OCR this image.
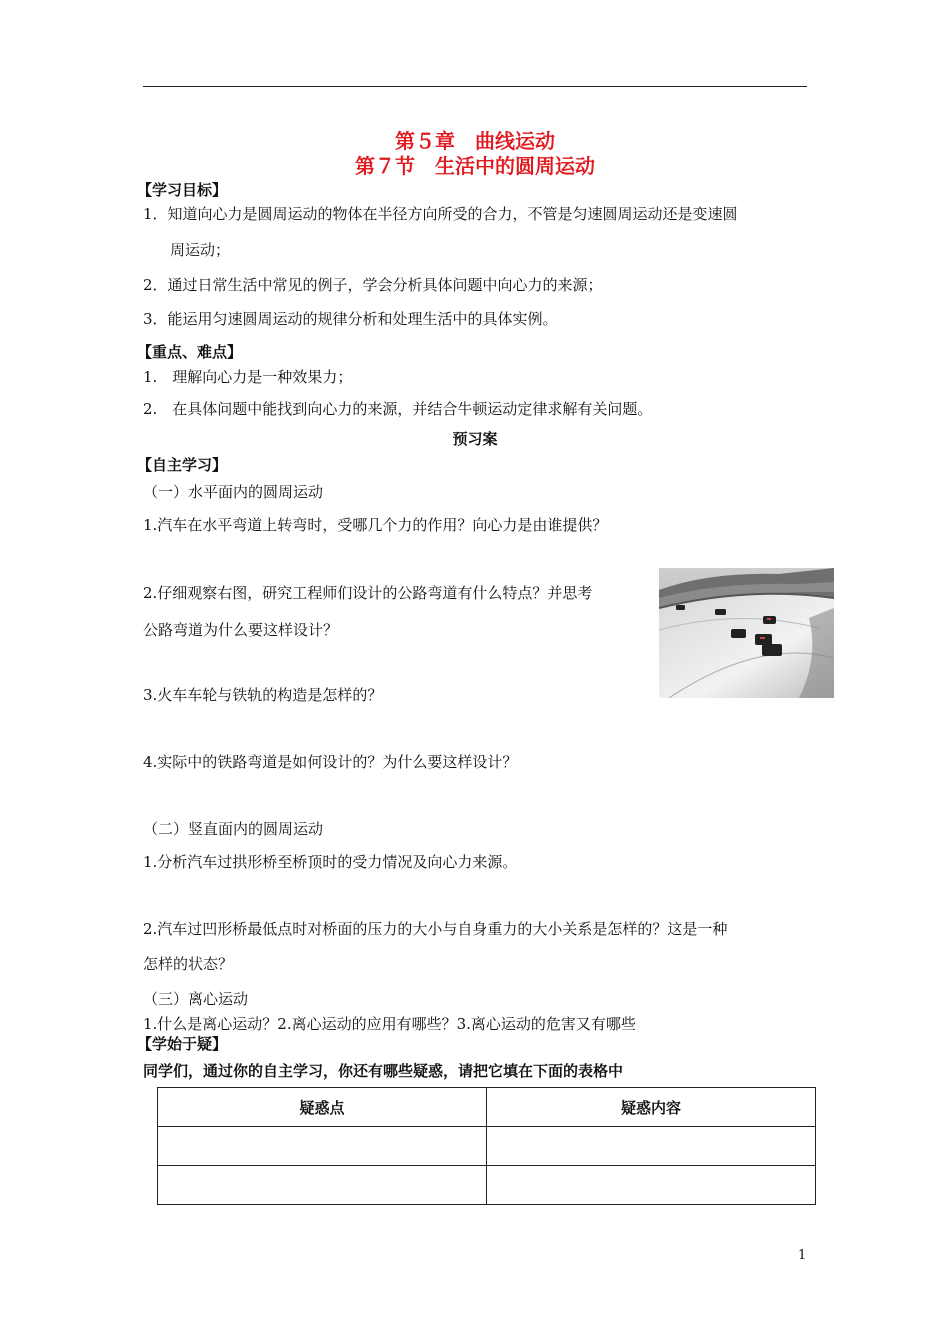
第５章　曲线运动
第７节　生活中的圆周运动
【学习目标】
1．知道向心力是圆周运动的物体在半径方向所受的合力，不管是匀速圆周运动还是变速圆
周运动；
2．通过日常生活中常见的例子，学会分析具体问题中向心力的来源；
3．能运用匀速圆周运动的规律分析和处理生活中的具体实例。
【重点、难点】
1.　理解向心力是一种效果力；
2.　在具体问题中能找到向心力的来源，并结合牛顿运动定律求解有关问题。
预习案
【自主学习】
（一）水平面内的圆周运动
1.汽车在水平弯道上转弯时，受哪几个力的作用？向心力是由谁提供？
2.仔细观察右图，研究工程师们设计的公路弯道有什么特点？并思考
公路弯道为什么要这样设计？
3.火车车轮与铁轨的构造是怎样的？
4.实际中的铁路弯道是如何设计的？为什么要这样设计？
（二）竖直面内的圆周运动
1.分析汽车过拱形桥至桥顶时的受力情况及向心力来源。
2.汽车过凹形桥最低点时对桥面的压力的大小与自身重力的大小关系是怎样的？这是一种
怎样的状态？
（三）离心运动
1.什么是离心运动？2.离心运动的应用有哪些？3.离心运动的危害又有哪些
【学始于疑】
同学们，通过你的自主学习，你还有哪些疑惑，请把它填在下面的表格中
疑惑点	疑惑内容

1
